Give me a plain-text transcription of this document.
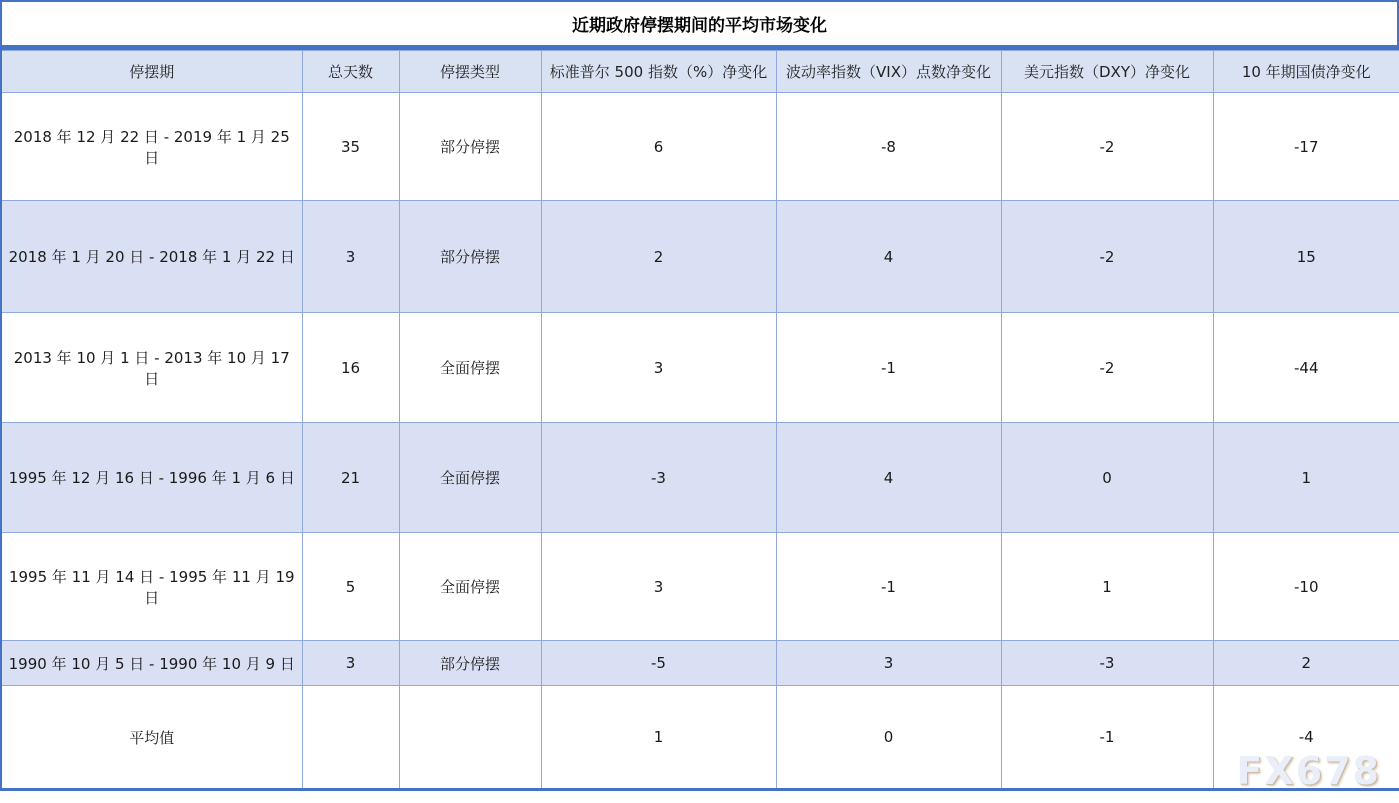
近期政府停摆期间的平均市场变化
停摆期	总天数	停摆类型	标准普尔 500 指数（%）净变化	波动率指数（VIX）点数净变化	美元指数（DXY）净变化	10 年期国债净变化
2018 年 12 月 22 日 - 2019 年 1 月 25 日	35	部分停摆	6	-8	-2	-17
2018 年 1 月 20 日 - 2018 年 1 月 22 日	3	部分停摆	2	4	-2	15
2013 年 10 月 1 日 - 2013 年 10 月 17 日	16	全面停摆	3	-1	-2	-44
1995 年 12 月 16 日 - 1996 年 1 月 6 日	21	全面停摆	-3	4	0	1
1995 年 11 月 14 日 - 1995 年 11 月 19 日	5	全面停摆	3	-1	1	-10
1990 年 10 月 5 日 - 1990 年 10 月 9 日	3	部分停摆	-5	3	-3	2
平均值			1	0	-1	-4
FX678
